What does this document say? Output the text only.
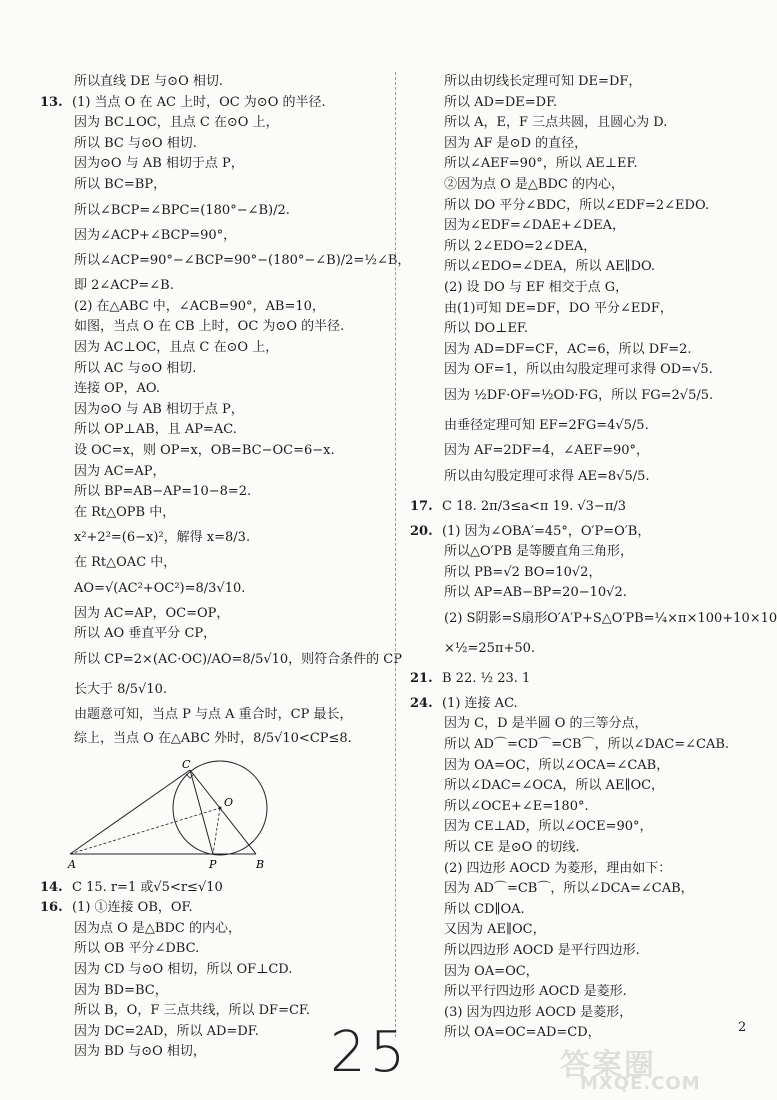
所以直线 DE 与⊙O 相切.
13. (1) 当点 O 在 AC 上时，OC 为⊙O 的半径.
因为 BC⊥OC，且点 C 在⊙O 上，
所以 BC 与⊙O 相切.
因为⊙O 与 AB 相切于点 P，
所以 BC=BP，
所以∠BCP=∠BPC=(180°−∠B)/2.
因为∠ACP+∠BCP=90°，
所以∠ACP=90°−∠BCP=90°−(180°−∠B)/2=½∠B，
即 2∠ACP=∠B.
(2) 在△ABC 中，∠ACB=90°，AB=10，
如图，当点 O 在 CB 上时，OC 为⊙O 的半径.
因为 AC⊥OC，且点 C 在⊙O 上，
所以 AC 与⊙O 相切.
连接 OP，AO.
因为⊙O 与 AB 相切于点 P，
所以 OP⊥AB，且 AP=AC.
设 OC=x，则 OP=x，OB=BC−OC=6−x.
因为 AC=AP，
所以 BP=AB−AP=10−8=2.
在 Rt△OPB 中，
x²+2²=(6−x)²，解得 x=8/3.
在 Rt△OAC 中，
AO=√(AC²+OC²)=8/3√10.
因为 AC=AP，OC=OP，
所以 AO 垂直平分 CP，
所以 CP=2×(AC·OC)/AO=8/5√10，则符合条件的 CP
长大于 8/5√10.
由题意可知，当点 P 与点 A 重合时，CP 最长，
综上，当点 O 在△ABC 外时，8/5√10<CP≤8.
A	B
C
O
P
14. C 15. r=1 或√5<r≤√10
16. (1) ①连接 OB，OF.
因为点 O 是△BDC 的内心，
所以 OB 平分∠DBC.
因为 CD 与⊙O 相切，所以 OF⊥CD.
因为 BD=BC，
所以 B，O，F 三点共线，所以 DF=CF.
因为 DC=2AD，所以 AD=DF.
因为 BD 与⊙O 相切，
所以由切线长定理可知 DE=DF，
所以 AD=DE=DF.
所以 A，E，F 三点共圆，且圆心为 D.
因为 AF 是⊙D 的直径，
所以∠AEF=90°，所以 AE⊥EF.
②因为点 O 是△BDC 的内心，
所以 DO 平分∠BDC，所以∠EDF=2∠EDO.
因为∠EDF=∠DAE+∠DEA，
所以 2∠EDO=2∠DEA，
所以∠EDO=∠DEA，所以 AE∥DO.
(2) 设 DO 与 EF 相交于点 G，
由(1)可知 DE=DF，DO 平分∠EDF，
所以 DO⊥EF.
因为 AD=DF=CF，AC=6，所以 DF=2.
因为 OF=1，所以由勾股定理可求得 OD=√5.
因为 ½DF·OF=½OD·FG，所以 FG=2√5/5.
由垂径定理可知 EF=2FG=4√5/5.
因为 AF=2DF=4，∠AEF=90°，
所以由勾股定理可求得 AE=8√5/5.
17. C 18. 2π/3≤a<π 19. √3−π/3
20. (1) 因为∠OBA′=45°，O′P=O′B，
所以△O′PB 是等腰直角三角形，
所以 PB=√2 BO=10√2，
所以 AP=AB−BP=20−10√2.
(2) S阴影=S扇形O′A′P+S△O′PB=¼×π×100+10×10
×½=25π+50.
21. B 22. ½ 23. 1
24. (1) 连接 AC.
因为 C，D 是半圆 O 的三等分点，
所以 AD⌒=CD⌒=CB⌒，所以∠DAC=∠CAB.
因为 OA=OC，所以∠OCA=∠CAB，
所以∠DAC=∠OCA，所以 AE∥OC，
所以∠OCE+∠E=180°.
因为 CE⊥AD，所以∠OCE=90°，
所以 CE 是⊙O 的切线.
(2) 四边形 AOCD 为菱形，理由如下：
因为 AD⌒=CB⌒，所以∠DCA=∠CAB，
所以 CD∥OA.
又因为 AE∥OC，
所以四边形 AOCD 是平行四边形.
因为 OA=OC，
所以平行四边形 AOCD 是菱形.
(3) 因为四边形 AOCD 是菱形，
所以 OA=OC=AD=CD，
25	2
答案圈
MXQE.COM
